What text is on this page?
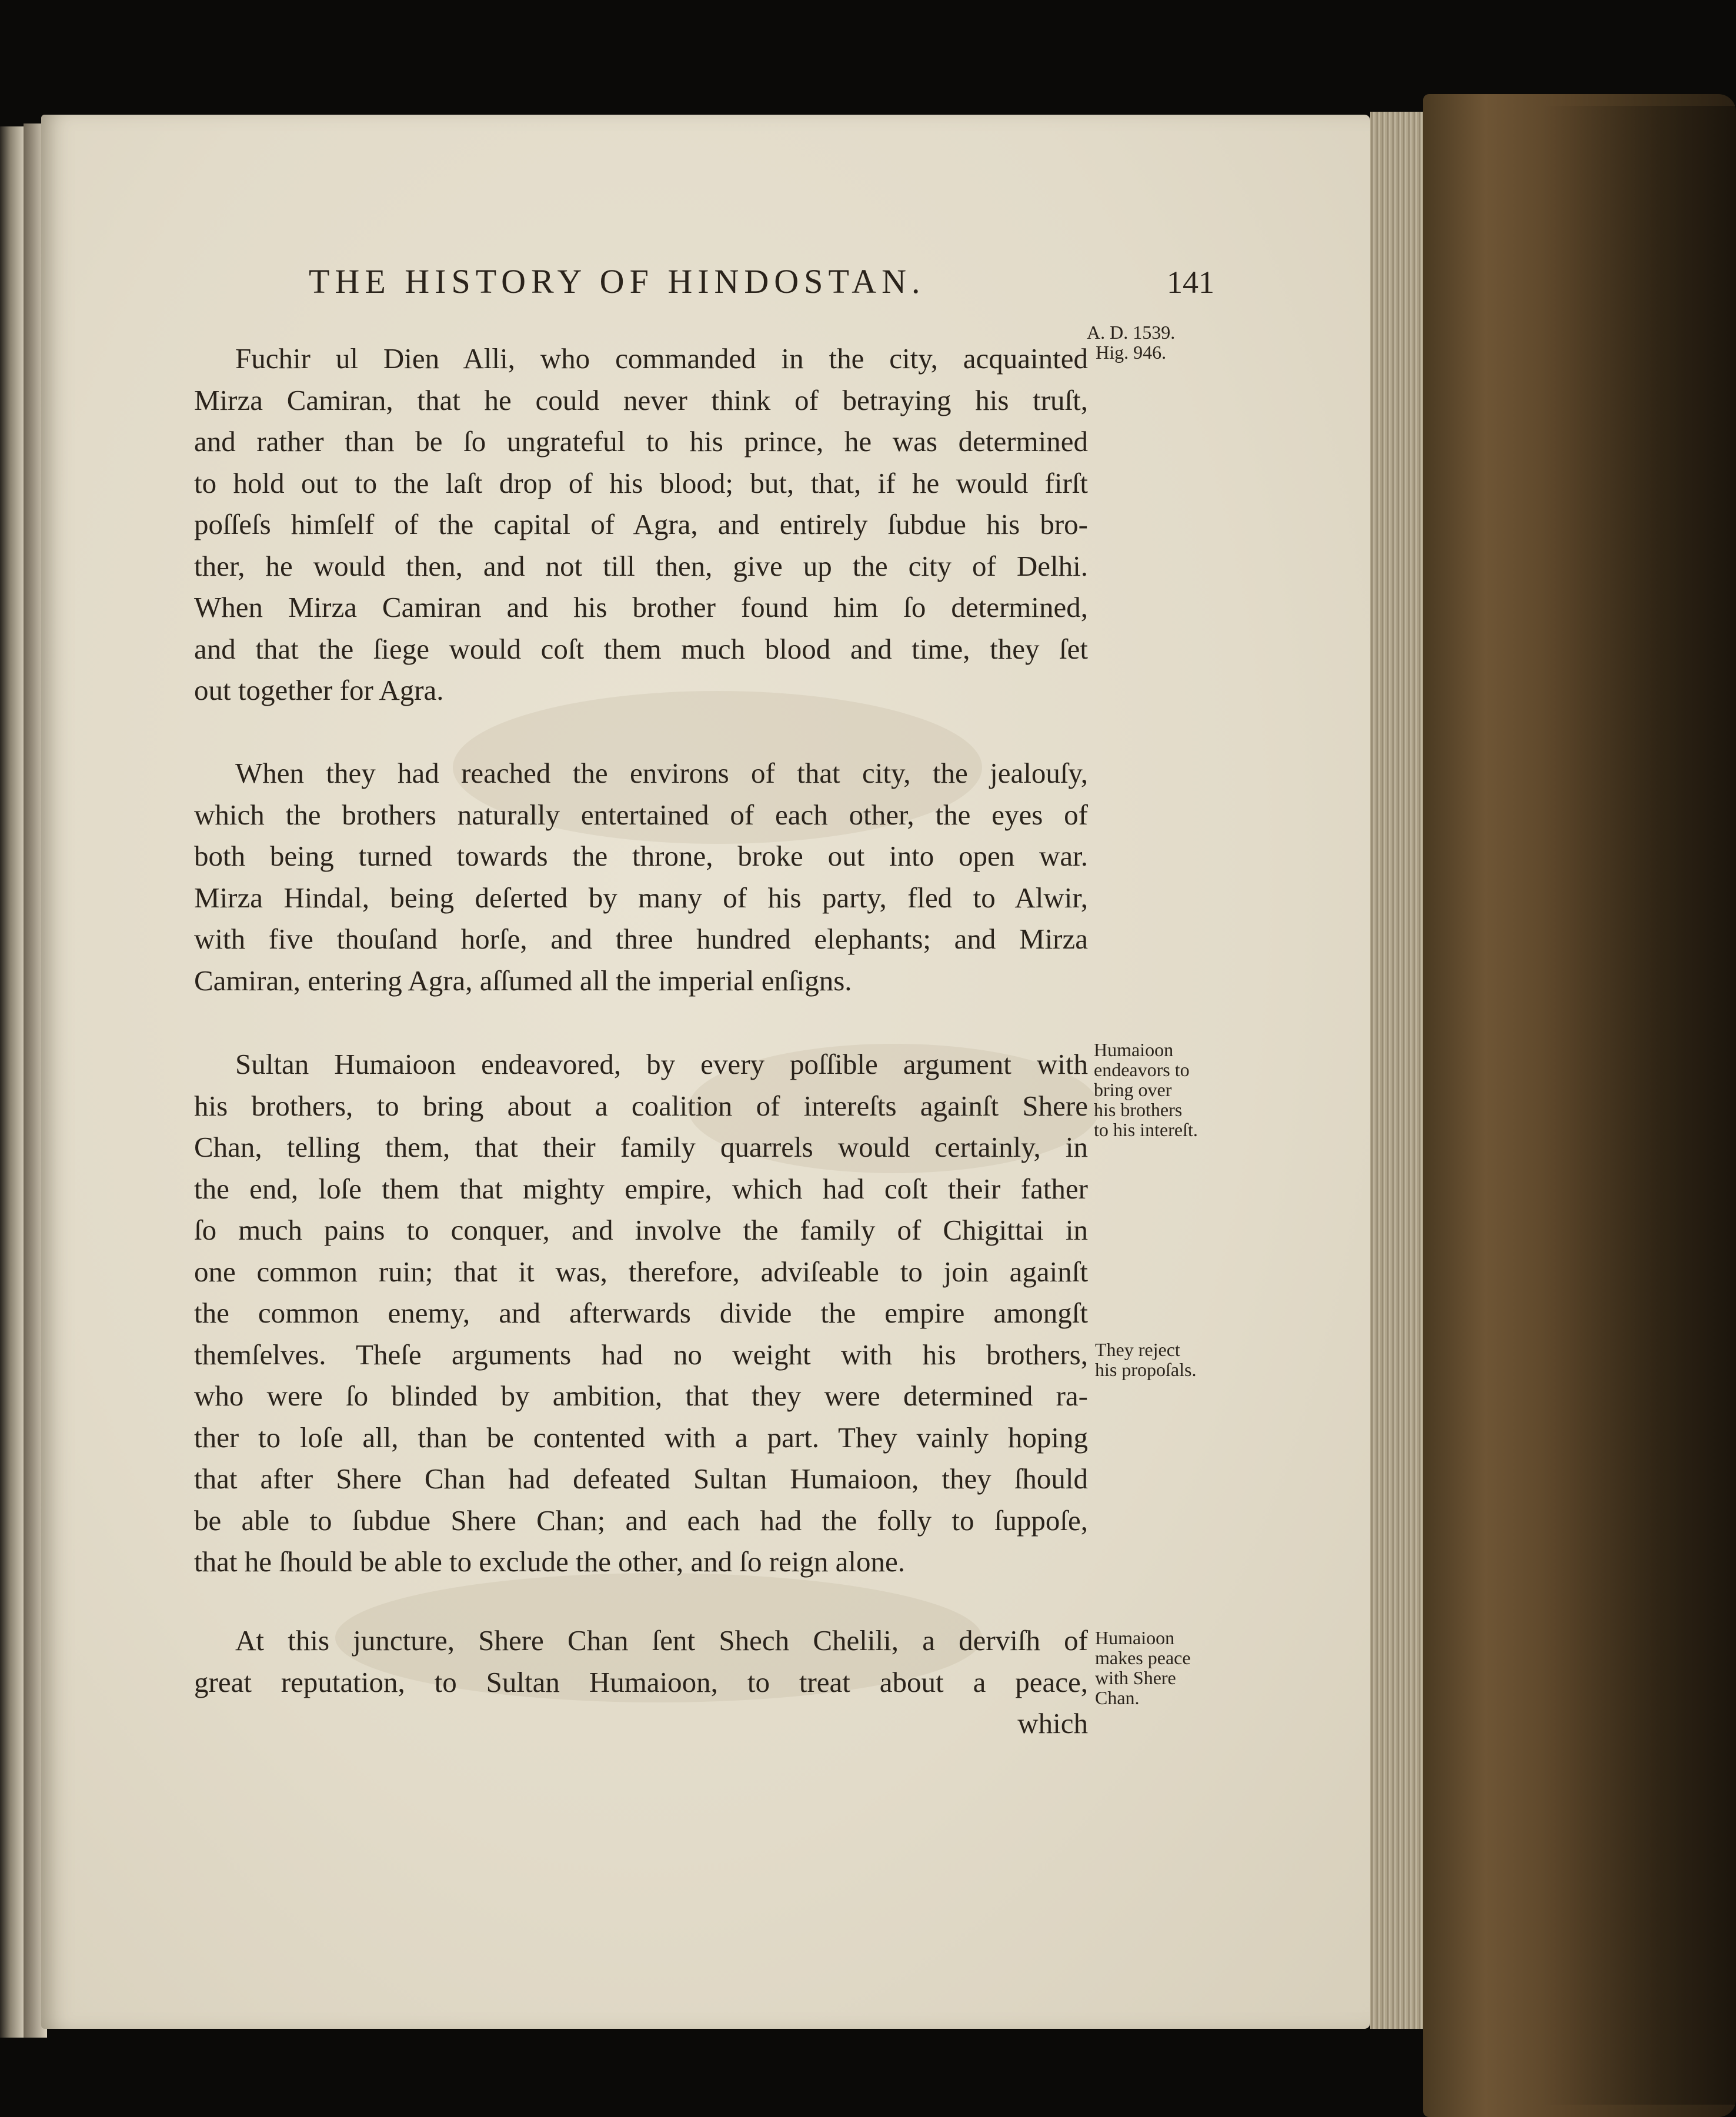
THE HISTORY OF HINDOSTAN.	141
Fuchir ul Dien Alli, who commanded in the city, acquainted
Mirza Camiran, that he could never think of betraying his truſt,
and rather than be ſo ungrateful to his prince, he was determined
to hold out to the laſt drop of his blood; but, that, if he would firſt
poſſeſs himſelf of the capital of Agra, and entirely ſubdue his bro-
ther, he would then, and not till then, give up the city of Delhi.
When Mirza Camiran and his brother found him ſo determined,
and that the ſiege would coſt them much blood and time, they ſet
out together for Agra.
When they had reached the environs of that city, the jealouſy,
which the brothers naturally entertained of each other, the eyes of
both being turned towards the throne, broke out into open war.
Mirza Hindal, being deſerted by many of his party, fled to Alwir,
with five thouſand horſe, and three hundred elephants; and Mirza
Camiran, entering Agra, aſſumed all the imperial enſigns.
Sultan Humaioon endeavored, by every poſſible argument with
his brothers, to bring about a coalition of intereſts againſt Shere
Chan, telling them, that their family quarrels would certainly, in
the end, loſe them that mighty empire, which had coſt their father
ſo much pains to conquer, and involve the family of Chigittai in
one common ruin; that it was, therefore, adviſeable to join againſt
the common enemy, and afterwards divide the empire amongſt
themſelves. Theſe arguments had no weight with his brothers,
who were ſo blinded by ambition, that they were determined ra-
ther to loſe all, than be contented with a part. They vainly hoping
that after Shere Chan had defeated Sultan Humaioon, they ſhould
be able to ſubdue Shere Chan; and each had the folly to ſuppoſe,
that he ſhould be able to exclude the other, and ſo reign alone.
At this juncture, Shere Chan ſent Shech Chelili, a derviſh of
great reputation, to Sultan Humaioon, to treat about a peace,
which
A. D. 1539.
Hig. 946.
Humaioon
endeavors to
bring over
his brothers
to his intereſt.
They reject
his propoſals.
Humaioon
makes peace
with Shere
Chan.
